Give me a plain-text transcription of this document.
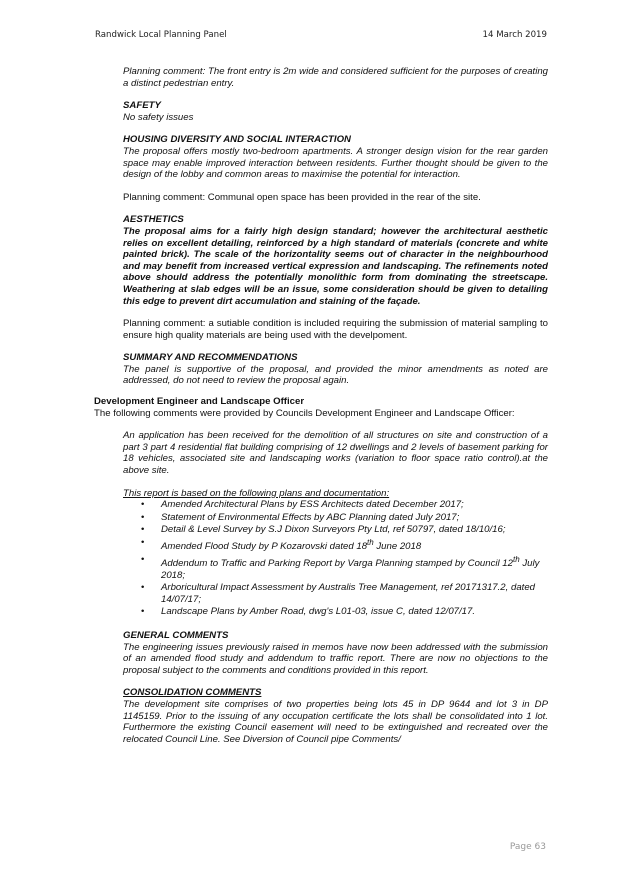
Randwick Local Planning Panel	14 March 2019

Planning comment: The front entry is 2m wide and considered sufficient for the purposes of creating a distinct pedestrian entry.

SAFETY

No safety issues

HOUSING DIVERSITY AND SOCIAL INTERACTION

The proposal offers mostly two-bedroom apartments. A stronger design vision for the rear garden space may enable improved interaction between residents. Further thought should be given to the design of the lobby and common areas to maximise the potential for interaction.

Planning comment: Communal open space has been provided in the rear of the site.

AESTHETICS

The proposal aims for a fairly high design standard; however the architectural aesthetic relies on excellent detailing, reinforced by a high standard of materials (concrete and white painted brick). The scale of the horizontality seems out of character in the neighbourhood and may benefit from increased vertical expression and landscaping. The refinements noted above should address the potentially monolithic form from dominating the streetscape. Weathering at slab edges will be an issue, some consideration should be given to detailing this edge to prevent dirt accumulation and staining of the façade.

Planning comment: a sutiable condition is included requiring the submission of material sampling to ensure high quality materials are being used with the develpoment.

SUMMARY AND RECOMMENDATIONS

The panel is supportive of the proposal, and provided the minor amendments as noted are addressed, do not need to review the proposal again.

Development Engineer and Landscape Officer

The following comments were provided by Councils Development Engineer and Landscape Officer:

An application has been received for the demolition of all structures on site and construction of a part 3 part 4 residential flat building comprising of 12 dwellings and 2 levels of basement parking for 18 vehicles, associated site and landscaping works (variation to floor space ratio control).at the above site.

This report is based on the following plans and documentation:

• Amended Architectural Plans by ESS Architects dated December 2017;
• Statement of Environmental Effects by ABC Planning dated July 2017;
• Detail & Level Survey by S.J Dixon Surveyors Pty Ltd, ref 50797, dated 18/10/16;
• Amended Flood Study by P Kozarovski dated 18th June 2018
• Addendum to Traffic and Parking Report by Varga Planning stamped by Council 12th July 2018;
• Arboricultural Impact Assessment by Australis Tree Management, ref 20171317.2, dated 14/07/17;
• Landscape Plans by Amber Road, dwg's L01-03, issue C, dated 12/07/17.

GENERAL COMMENTS

The engineering issues previously raised in memos have now been addressed with the submission of an amended flood study and addendum to traffic report. There are now no objections to the proposal subject to the comments and conditions provided in this report.

CONSOLIDATION COMMENTS

The development site comprises of two properties being lots 45 in DP 9644 and lot 3 in DP 1145159. Prior to the issuing of any occupation certificate the lots shall be consolidated into 1 lot. Furthermore the existing Council easement will need to be extinguished and recreated over the relocated Council Line. See Diversion of Council pipe Comments/

Page 63
